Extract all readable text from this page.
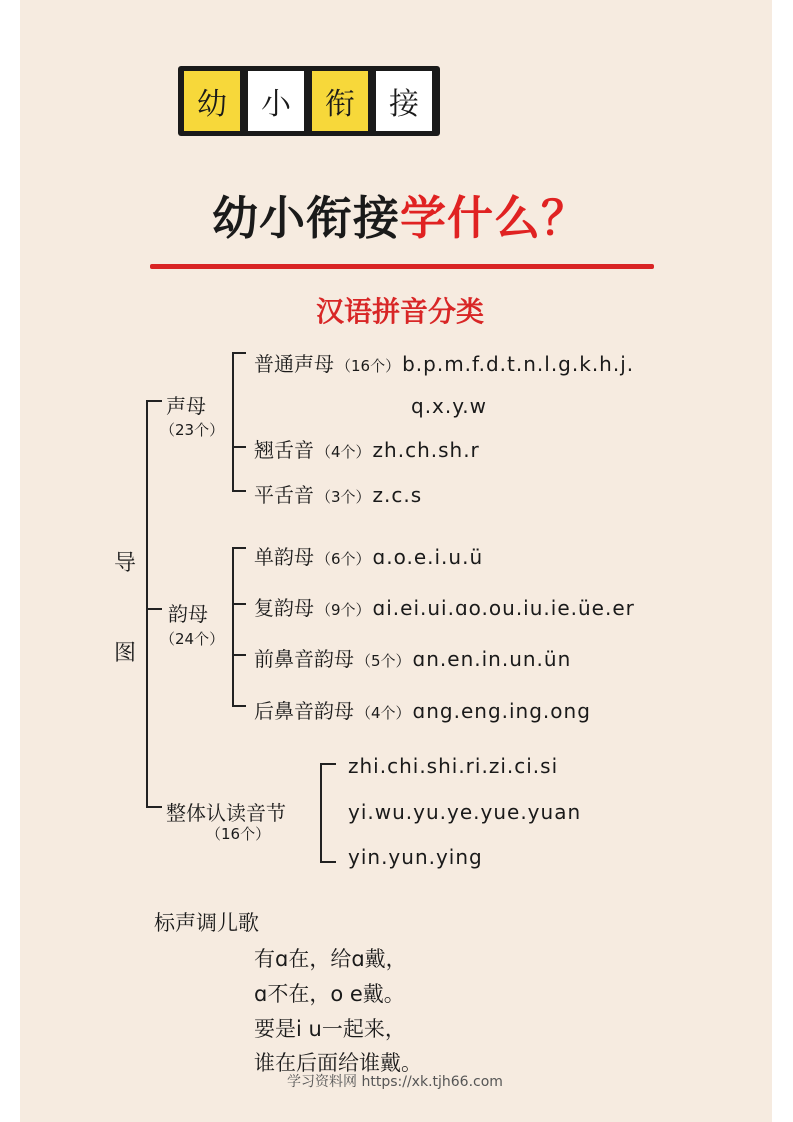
幼	小	衔	接
幼小衔接学什么？
汉语拼音分类
导
图
声母
（23个）
普通声母 （16个） b.p.m.f.d.t.n.l.g.k.h.j.
q.x.y.w
翘舌音 （4个） zh.ch.sh.r
平舌音 （3个） z.c.s
韵母
（24个）
单韵母 （6个） ɑ.o.e.i.u.ü
复韵母 （9个） ɑi.ei.ui.ɑo.ou.iu.ie.üe.er
前鼻音韵母 （5个） ɑn.en.in.un.ün
后鼻音韵母 （4个） ɑng.eng.ing.ong
整体认读音节
（16个）
zhi.chi.shi.ri.zi.ci.si
yi.wu.yu.ye.yue.yuan
yin.yun.ying
标声调儿歌
有ɑ在，给ɑ戴，
ɑ不在，o e戴。
要是i u一起来，
谁在后面给谁戴。
学习资料网 https://xk.tjh66.com
